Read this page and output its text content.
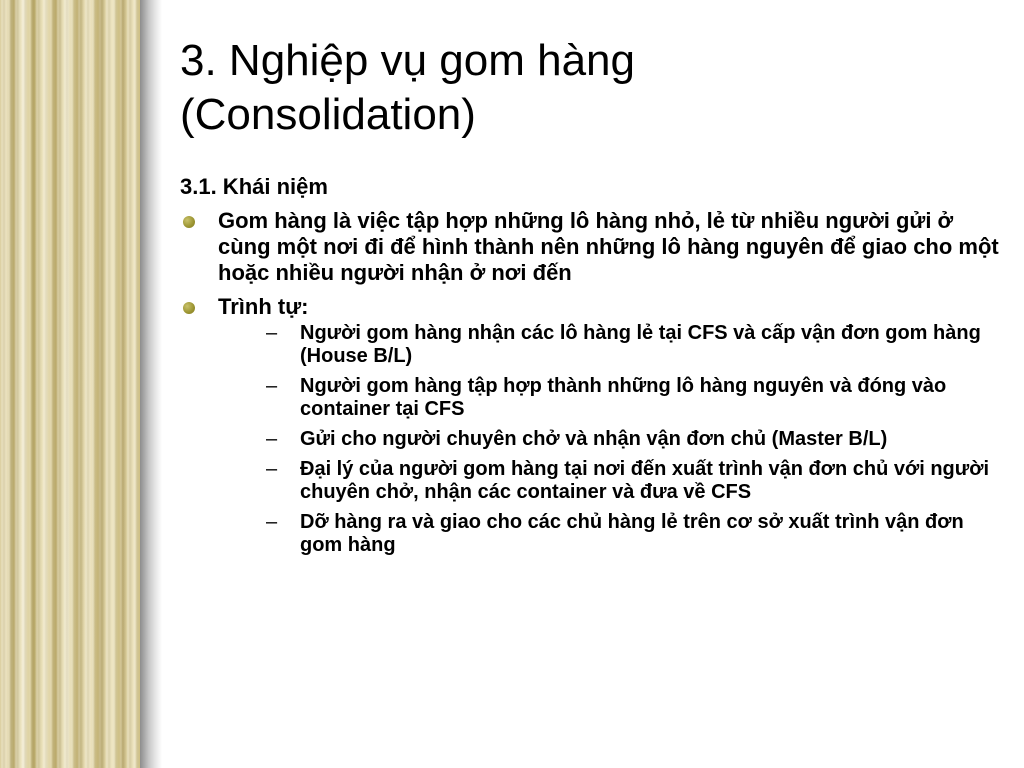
3. Nghiệp vụ gom hàng
(Consolidation)
3.1. Khái niệm
Gom hàng là việc tập hợp những lô hàng nhỏ, lẻ từ nhiều người gửi ở cùng một nơi đi để hình thành nên những lô hàng nguyên để giao cho một hoặc nhiều người nhận ở nơi đến
Trình tự:
– Người gom hàng nhận các lô hàng lẻ tại CFS và cấp vận đơn gom hàng (House B/L)
– Người gom hàng tập hợp thành những lô hàng nguyên và đóng vào container tại CFS
– Gửi cho người chuyên chở và nhận vận đơn chủ (Master B/L)
– Đại lý của người gom hàng tại nơi đến xuất trình vận đơn chủ với người chuyên chở, nhận các container và đưa về CFS
– Dỡ hàng ra và giao cho các chủ hàng lẻ trên cơ sở xuất trình vận đơn gom hàng
